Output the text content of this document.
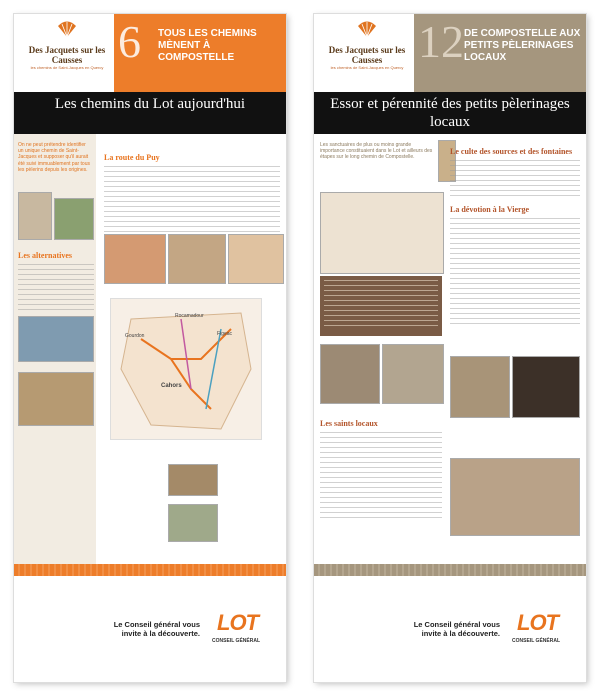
Des Jacquets sur les Causses
les chemins de Saint-Jacques en Quercy
6 TOUS LES CHEMINS MÈNENT À COMPOSTELLE
Les chemins du Lot aujourd'hui
On ne peut prétendre identifier un unique chemin de Saint-Jacques et supposer qu'il aurait été suivi immuablement par tous les pèlerins depuis les origines.
Les alternatives
La route du Puy
Cahors
Figeac
Rocamadour
Gourdon
Le Conseil général vous invite à la découverte. LOT
CONSEIL GÉNÉRAL
Des Jacquets sur les Causses
les chemins de Saint-Jacques en Quercy
12 DE COMPOSTELLE AUX PETITS PÈLERINAGES LOCAUX
Essor et pérennité des petits pèlerinages locaux
Les sanctuaires de plus ou moins grande importance constituaient dans le Lot et ailleurs des étapes sur le long chemin de Compostelle.
Les saints locaux
Le culte des sources et des fontaines
La dévotion à la Vierge
Le Conseil général vous invite à la découverte. LOT
CONSEIL GÉNÉRAL
